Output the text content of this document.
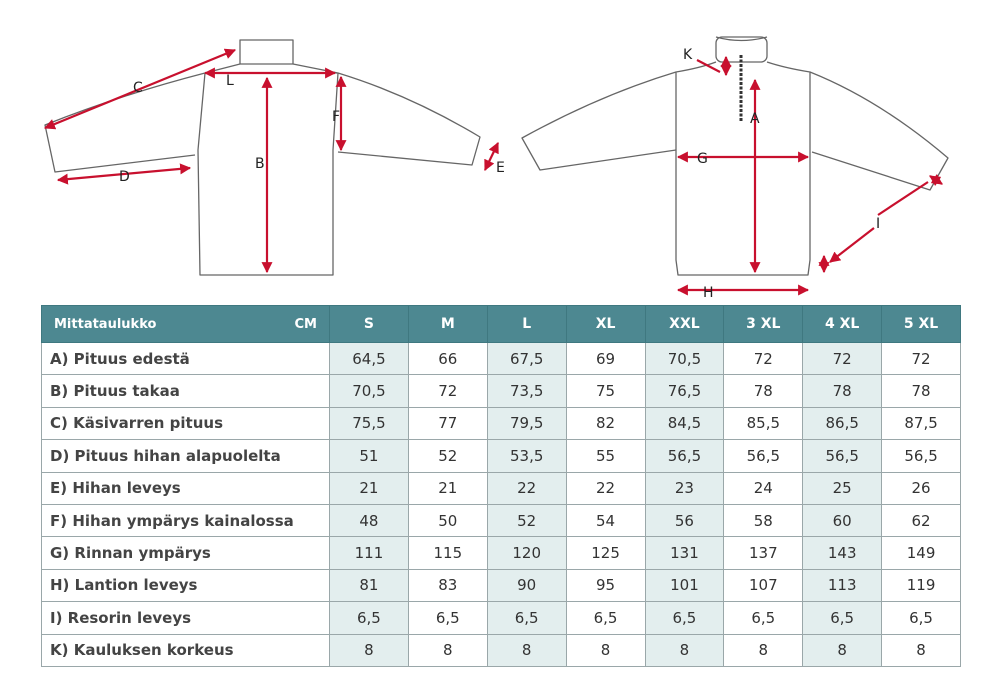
C	L
B
F
D
E
K
A
G
H
I
Mittataulukko CM	S	M	L	XL	XXL	3 XL	4 XL	5 XL
A) Pituus edestä	64,5	66	67,5	69	70,5	72	72	72
B) Pituus takaa	70,5	72	73,5	75	76,5	78	78	78
C) Käsivarren pituus	75,5	77	79,5	82	84,5	85,5	86,5	87,5
D) Pituus hihan alapuolelta	51	52	53,5	55	56,5	56,5	56,5	56,5
E) Hihan leveys	21	21	22	22	23	24	25	26
F) Hihan ympärys kainalossa	48	50	52	54	56	58	60	62
G) Rinnan ympärys	111	115	120	125	131	137	143	149
H) Lantion leveys	81	83	90	95	101	107	113	119
I) Resorin leveys	6,5	6,5	6,5	6,5	6,5	6,5	6,5	6,5
K) Kauluksen korkeus	8	8	8	8	8	8	8	8
